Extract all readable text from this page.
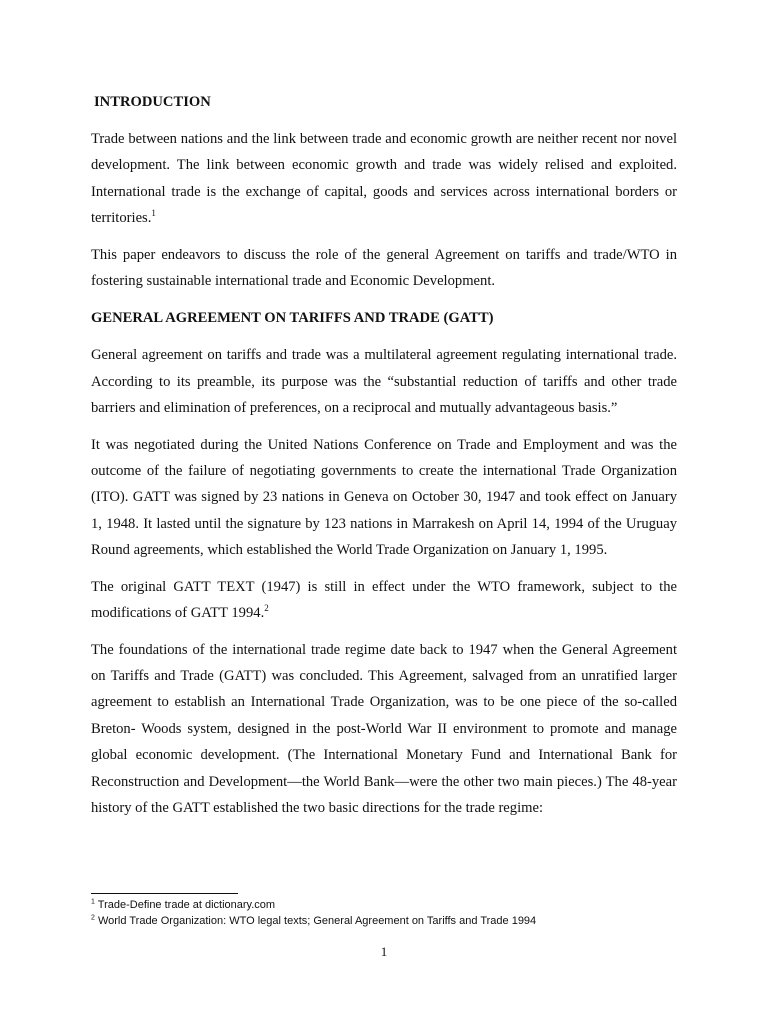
INTRODUCTION

Trade between nations and the link between trade and economic growth are neither recent nor novel development. The link between economic growth and trade was widely relised and exploited. International trade is the exchange of capital, goods and services across international borders or territories.$^1$

This paper endeavors to discuss the role of the general Agreement on tariffs and trade/WTO in fostering sustainable international trade and Economic Development.

GENERAL AGREEMENT ON TARIFFS AND TRADE (GATT)

General agreement on tariffs and trade was a multilateral agreement regulating international trade. According to its preamble, its purpose was the “substantial reduction of tariffs and other trade barriers and elimination of preferences, on a reciprocal and mutually advantageous basis.”

It was negotiated during the United Nations Conference on Trade and Employment and was the outcome of the failure of negotiating governments to create the international Trade Organization (ITO). GATT was signed by 23 nations in Geneva on October 30, 1947 and took effect on January 1, 1948. It lasted until the signature by 123 nations in Marrakesh on April 14, 1994 of the Uruguay Round agreements, which established the World Trade Organization on January 1, 1995.

The original GATT TEXT (1947) is still in effect under the WTO framework, subject to the modifications of GATT 1994.$^2$

The foundations of the international trade regime date back to 1947 when the General Agreement on Tariffs and Trade (GATT) was concluded. This Agreement, salvaged from an unratified larger agreement to establish an International Trade Organization, was to be one piece of the so-called Breton- Woods system, designed in the post-World War II environment to promote and manage global economic development. (The International Monetary Fund and International Bank for Reconstruction and Development—the World Bank—were the other two main pieces.) The 48-year history of the GATT established the two basic directions for the trade regime:

$^1$ Trade-Define trade at dictionary.com
$^2$ World Trade Organization: WTO legal texts; General Agreement on Tariffs and Trade 1994
1
